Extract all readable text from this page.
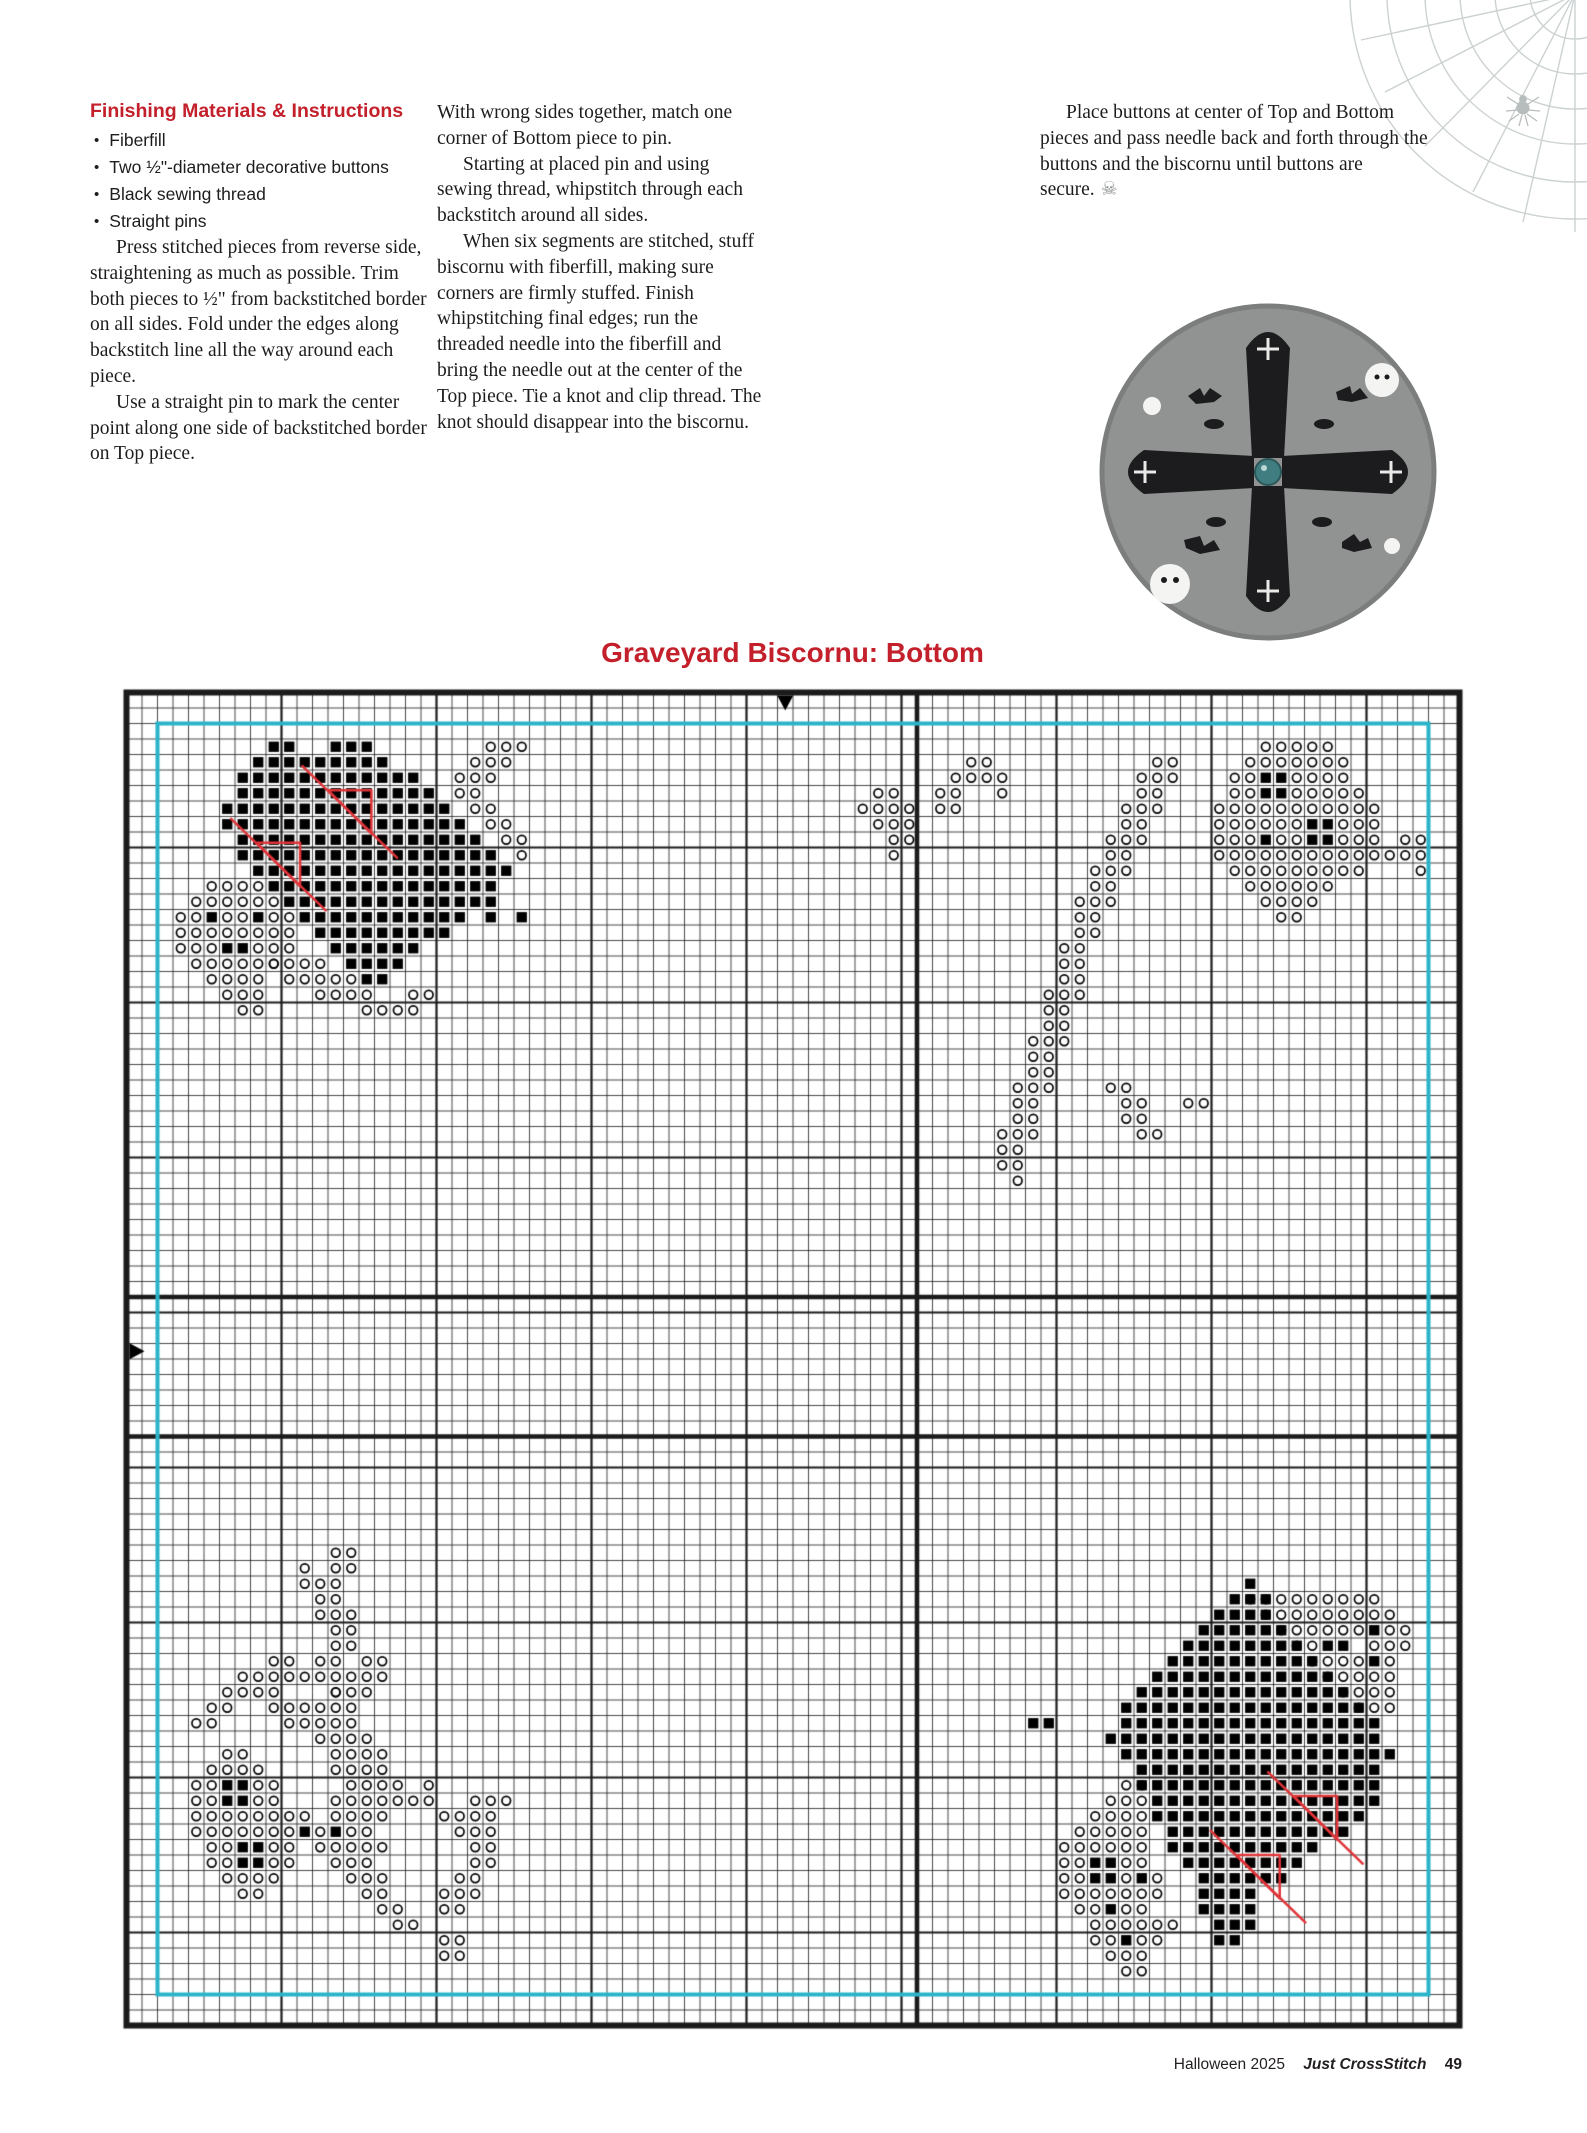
Finishing Materials & Instructions
• Fiberfill
• Two ½"-diameter decorative buttons
• Black sewing thread
• Straight pins

Press stitched pieces from reverse side, straightening as much as possible. Trim both pieces to ½" from backstitched border on all sides. Fold under the edges along backstitch line all the way around each piece.

Use a straight pin to mark the center point along one side of backstitched border on Top piece.

With wrong sides together, match one corner of Bottom piece to pin.

Starting at placed pin and using sewing thread, whipstitch through each backstitch around all sides.

When six segments are stitched, stuff biscornu with fiberfill, making sure corners are firmly stuffed. Finish whipstitching final edges; run the threaded needle into the fiberfill and bring the needle out at the center of the Top piece. Tie a knot and clip thread. The knot should disappear into the biscornu.

Place buttons at center of Top and Bottom pieces and pass needle back and forth through the buttons and the biscornu until buttons are secure. ☠

Graveyard Biscornu: Bottom
Halloween 2025 Just CrossStitch 49
